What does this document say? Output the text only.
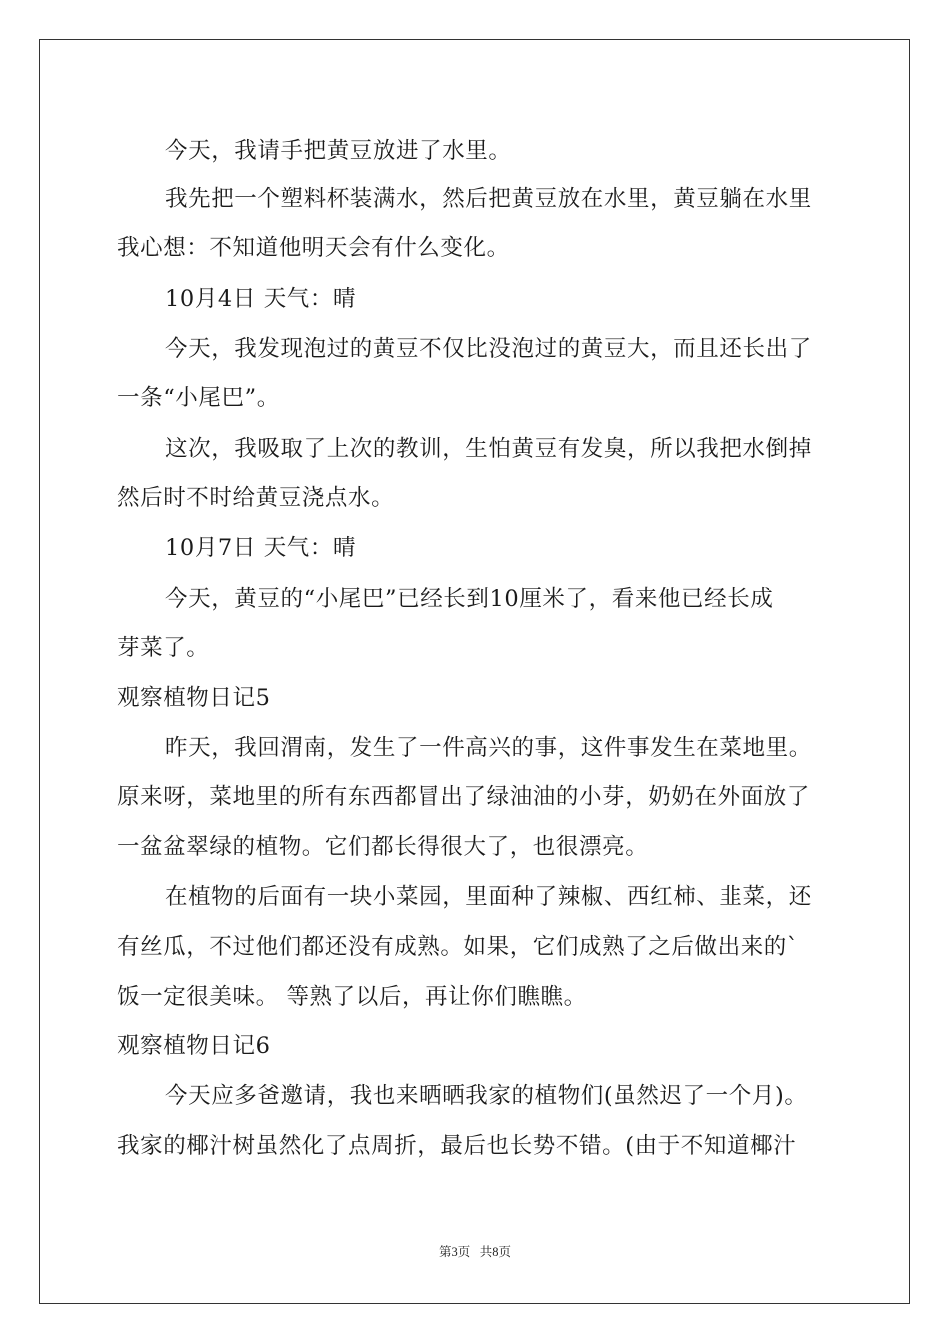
今天，我请手把黄豆放进了水里。
我先把一个塑料杯装满水，然后把黄豆放在水里，黄豆躺在水里
我心想：不知道他明天会有什么变化。
10月4日 天气：晴
今天，我发现泡过的黄豆不仅比没泡过的黄豆大，而且还长出了
一条“小尾巴”。
这次，我吸取了上次的教训，生怕黄豆有发臭，所以我把水倒掉
然后时不时给黄豆浇点水。
10月7日 天气：晴
今天，黄豆的“小尾巴”已经长到10厘米了，看来他已经长成
芽菜了。
观察植物日记5
昨天，我回渭南，发生了一件高兴的事，这件事发生在菜地里。
原来呀，菜地里的所有东西都冒出了绿油油的小芽，奶奶在外面放了
一盆盆翠绿的植物。它们都长得很大了，也很漂亮。
在植物的后面有一块小菜园，里面种了辣椒、西红柿、韭菜，还
有丝瓜，不过他们都还没有成熟。如果，它们成熟了之后做出来的`
饭一定很美味。 等熟了以后，再让你们瞧瞧。
观察植物日记6
今天应多爸邀请，我也来晒晒我家的植物们(虽然迟了一个月)。
我家的椰汁树虽然化了点周折，最后也长势不错。(由于不知道椰汁
第3页 共8页
